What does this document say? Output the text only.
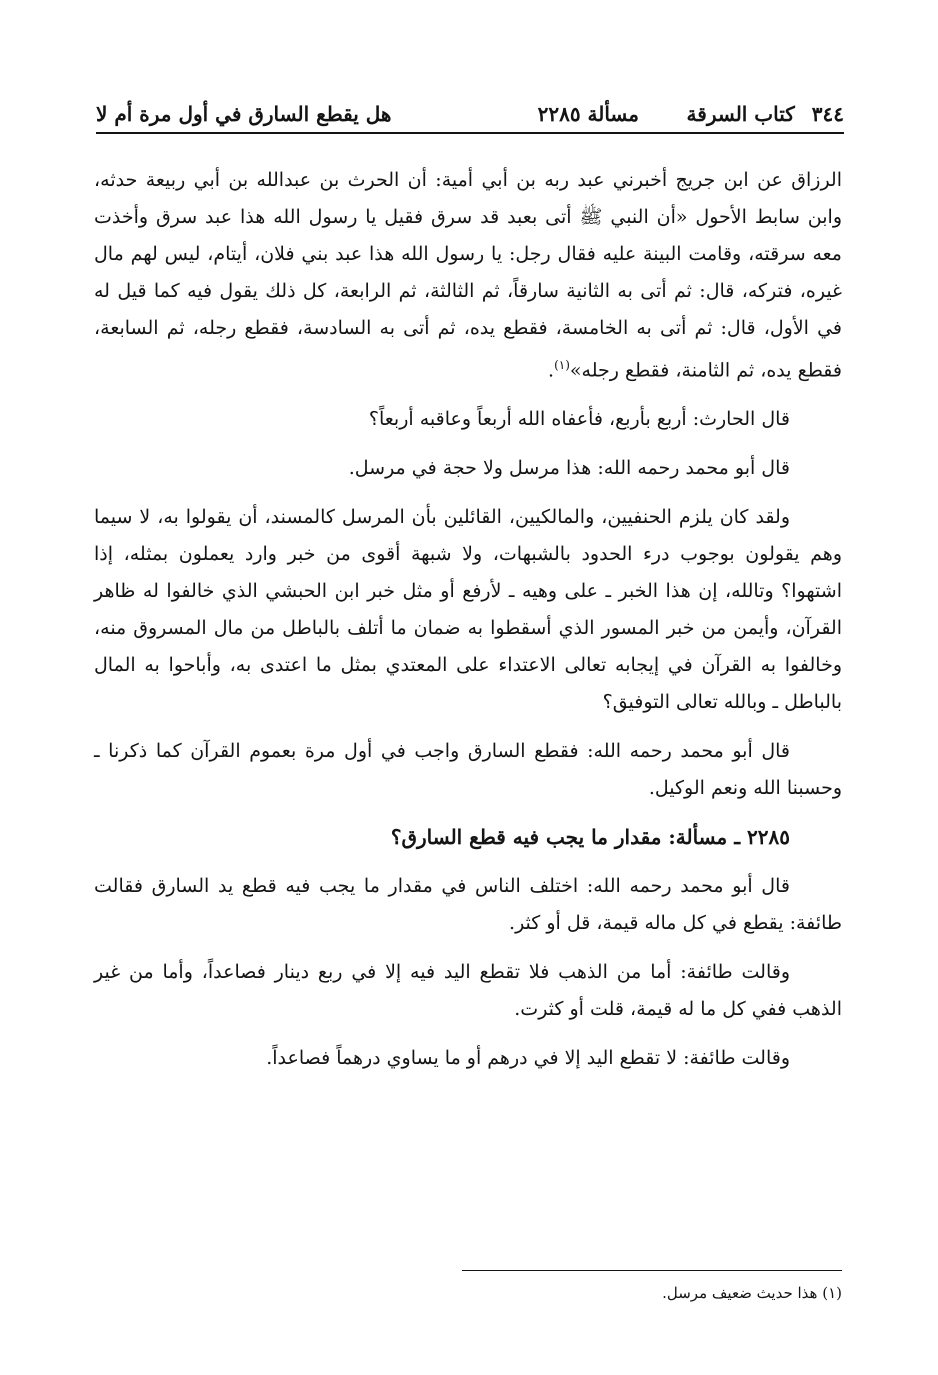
٣٤٤ كتاب السرقة
مسألة ٢٢٨٥
هل يقطع السارق في أول مرة أم لا

الرزاق عن ابن جريج أخبرني عبد ربه بن أبي أمية: أن الحرث بن عبدالله بن أبي ربيعة حدثه، وابن سابط الأحول «أن النبي ﷺ أتى بعبد قد سرق فقيل يا رسول الله هذا عبد سرق وأخذت معه سرقته، وقامت البينة عليه فقال رجل: يا رسول الله هذا عبد بني فلان، أيتام، ليس لهم مال غيره، فتركه، قال: ثم أتى به الثانية سارقاً، ثم الثالثة، ثم الرابعة، كل ذلك يقول فيه كما قيل له في الأول، قال: ثم أتى به الخامسة، فقطع يده، ثم أتى به السادسة، فقطع رجله، ثم السابعة، فقطع يده، ثم الثامنة، فقطع رجله»$^{(١)}$.

قال الحارث: أربع بأربع، فأعفاه الله أربعاً وعاقبه أربعاً؟

قال أبو محمد رحمه الله: هذا مرسل ولا حجة في مرسل.

ولقد كان يلزم الحنفيين، والمالكيين، القائلين بأن المرسل كالمسند، أن يقولوا به، لا سيما وهم يقولون بوجوب درء الحدود بالشبهات، ولا شبهة أقوى من خبر وارد يعملون بمثله، إذا اشتهوا؟ وتالله، إن هذا الخبر ـ على وهيه ـ لأرفع أو مثل خبر ابن الحبشي الذي خالفوا له ظاهر القرآن، وأيمن من خبر المسور الذي أسقطوا به ضمان ما أتلف بالباطل من مال المسروق منه، وخالفوا به القرآن في إيجابه تعالى الاعتداء على المعتدي بمثل ما اعتدى به، وأباحوا به المال بالباطل ـ وبالله تعالى التوفيق؟

قال أبو محمد رحمه الله: فقطع السارق واجب في أول مرة بعموم القرآن كما ذكرنا ـ وحسبنا الله ونعم الوكيل.

٢٢٨٥ ـ مسألة: مقدار ما يجب فيه قطع السارق؟

قال أبو محمد رحمه الله: اختلف الناس في مقدار ما يجب فيه قطع يد السارق فقالت طائفة: يقطع في كل ماله قيمة، قل أو كثر.

وقالت طائفة: أما من الذهب فلا تقطع اليد فيه إلا في ربع دينار فصاعداً، وأما من غير الذهب ففي كل ما له قيمة، قلت أو كثرت.

وقالت طائفة: لا تقطع اليد إلا في درهم أو ما يساوي درهماً فصاعداً.

(١) هذا حديث ضعيف مرسل.
